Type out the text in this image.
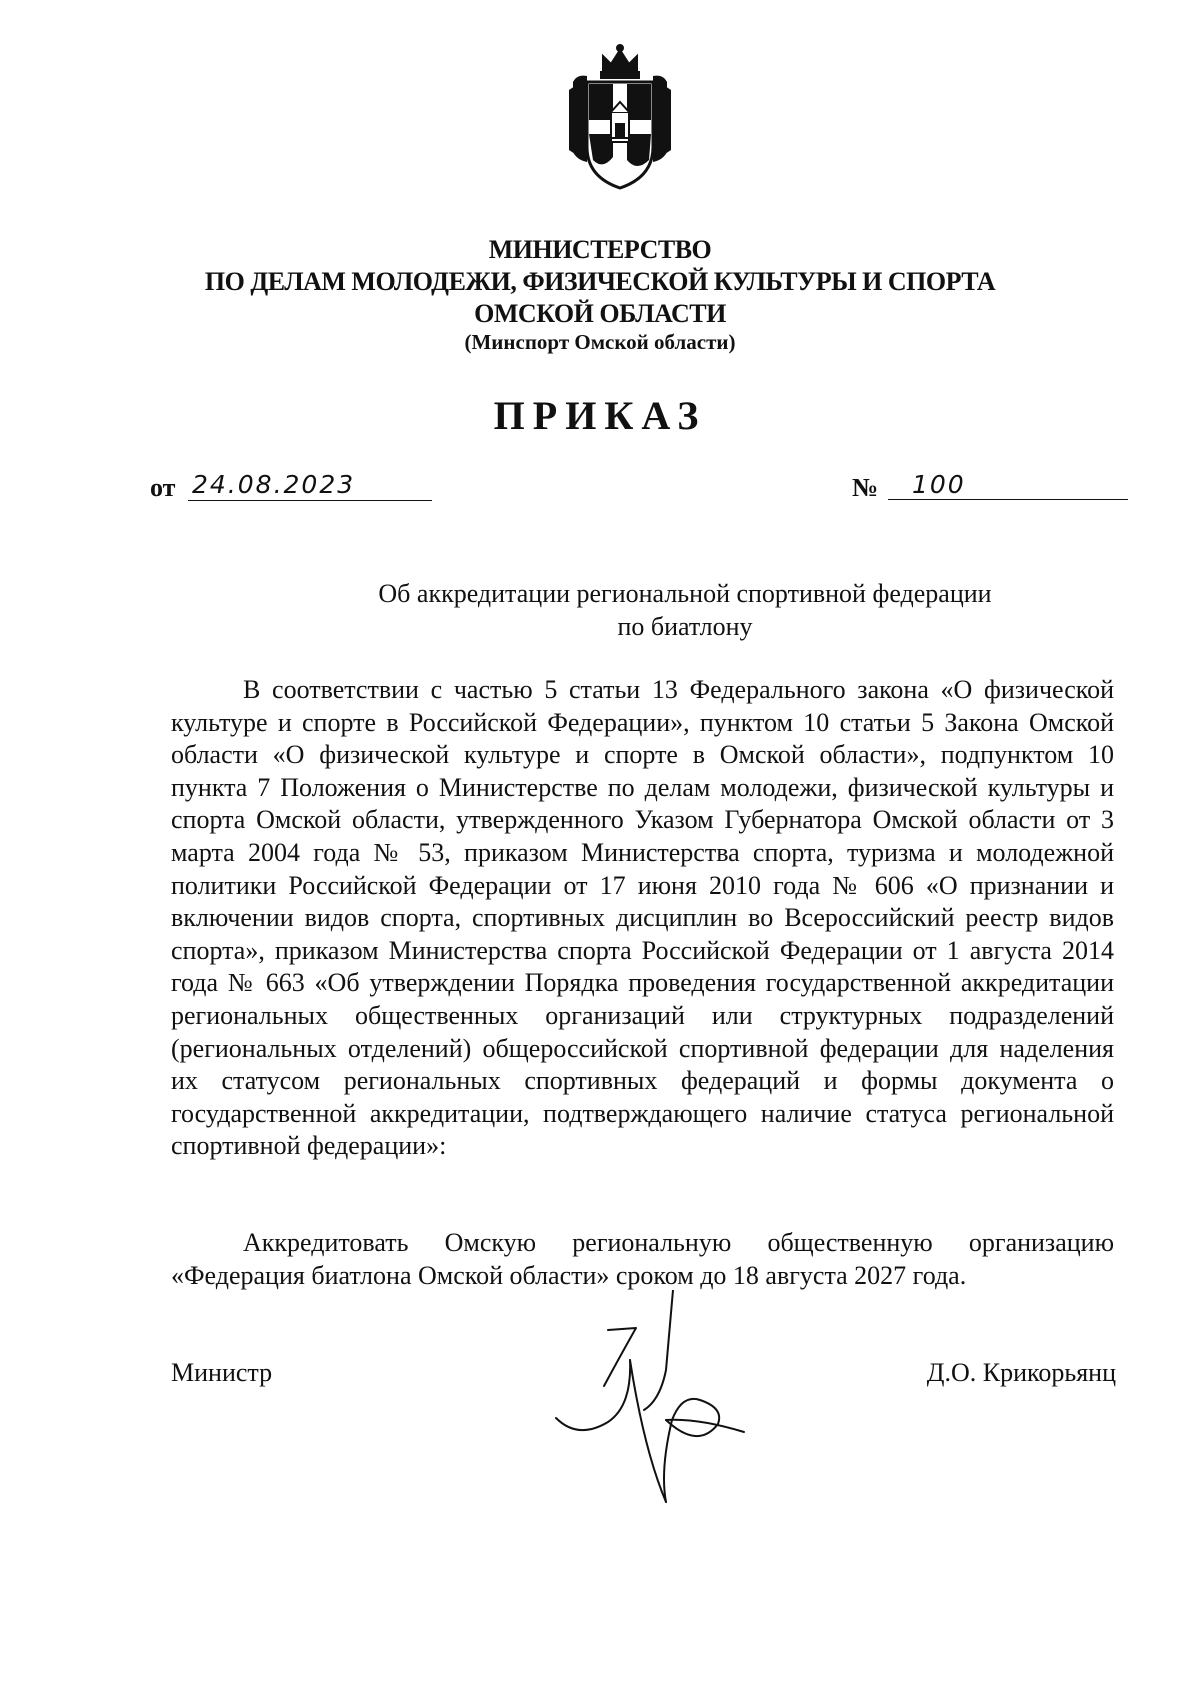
МИНИСТЕРСТВО
ПО ДЕЛАМ МОЛОДЕЖИ, ФИЗИЧЕСКОЙ КУЛЬТУРЫ И СПОРТА
ОМСКОЙ ОБЛАСТИ
(Минспорт Омской области)
ПРИКАЗ
от 24.08.2023	№	100
Об аккредитации региональной спортивной федерации
по биатлону
В соответствии с частью 5 статьи 13 Федерального закона «О физической культуре и спорте в Российской Федерации», пунктом 10 статьи 5 Закона Омской области «О физической культуре и спорте в Омской области», подпунктом 10 пункта 7 Положения о Министерстве по делам молодежи, физической культуры и спорта Омской области, утвержденного Указом Губернатора Омской области от 3 марта 2004 года № 53, приказом Министерства спорта, туризма и молодежной политики Российской Федерации от 17 июня 2010 года № 606 «О признании и включении видов спорта, спортивных дисциплин во Всероссийский реестр видов спорта», приказом Министерства спорта Российской Федерации от 1 августа 2014 года № 663 «Об утверждении Порядка проведения государственной аккредитации региональных общественных организаций или структурных подразделений (региональных отделений) общероссийской спортивной федерации для наделения их статусом региональных спортивных федераций и формы документа о государственной аккредитации, подтверждающего наличие статуса региональной спортивной федерации»:
Аккредитовать Омскую региональную общественную организацию «Федерация биатлона Омской области» сроком до 18 августа 2027 года.
Министр	Д.О. Крикорьянц
